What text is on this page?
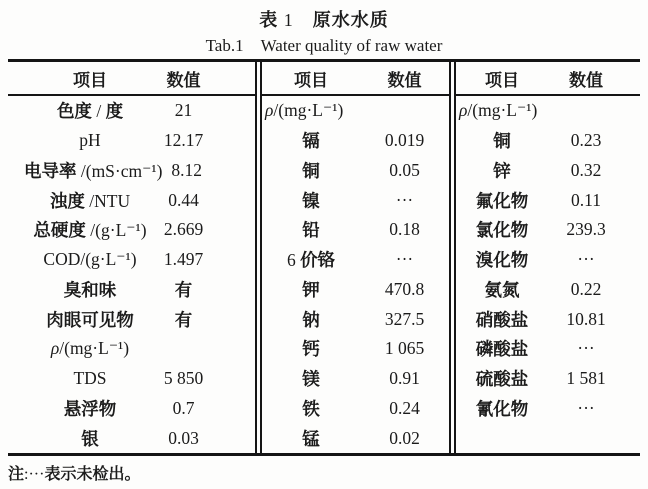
表 1　原水水质
Tab.1　 Water quality of raw water
项目	数值
色度 / 度	21
pH	12.17
电导率 /(mS·cm⁻¹) 8.12
浊度 /NTU	0.44
总硬度 /(g·L⁻¹) 2.669
COD/(g·L⁻¹)	1.497
臭和味	有
肉眼可见物	有
ρ/(mg·L⁻¹)
TDS	5 850
悬浮物	0.7
银	0.03
项目	数值
ρ/(mg·L⁻¹)
镉	0.019
铜	0.05
镍	···
铅	0.18
6 价铬	···
钾	470.8
钠	327.5
钙	1 065
镁	0.91
铁	0.24
锰	0.02
项目	数值
ρ/(mg·L⁻¹)
铜	0.23
锌	0.32
氟化物	0.11
氯化物	239.3
溴化物	···
氨氮	0.22
硝酸盐	10.81
磷酸盐	···
硫酸盐	1 581
氰化物	···
注:···表示未检出。
